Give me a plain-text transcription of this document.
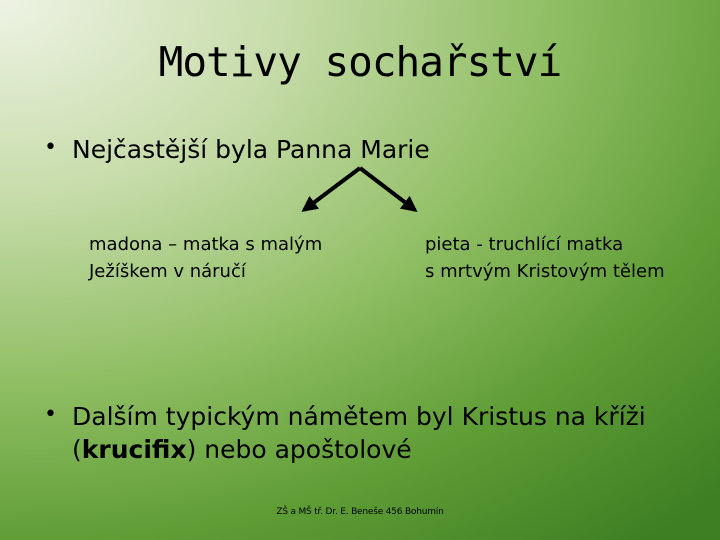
Motivy sochařství
• Nejčastější byla Panna Marie
madona – matka s malým
Ježíškem v náručí
pieta - truchlící matka
s mrtvým Kristovým tělem
• Dalším typickým námětem byl Kristus na kříži
(krucifix) nebo apoštolové
ZŠ a MŠ tř. Dr. E. Beneše 456 Bohumín
